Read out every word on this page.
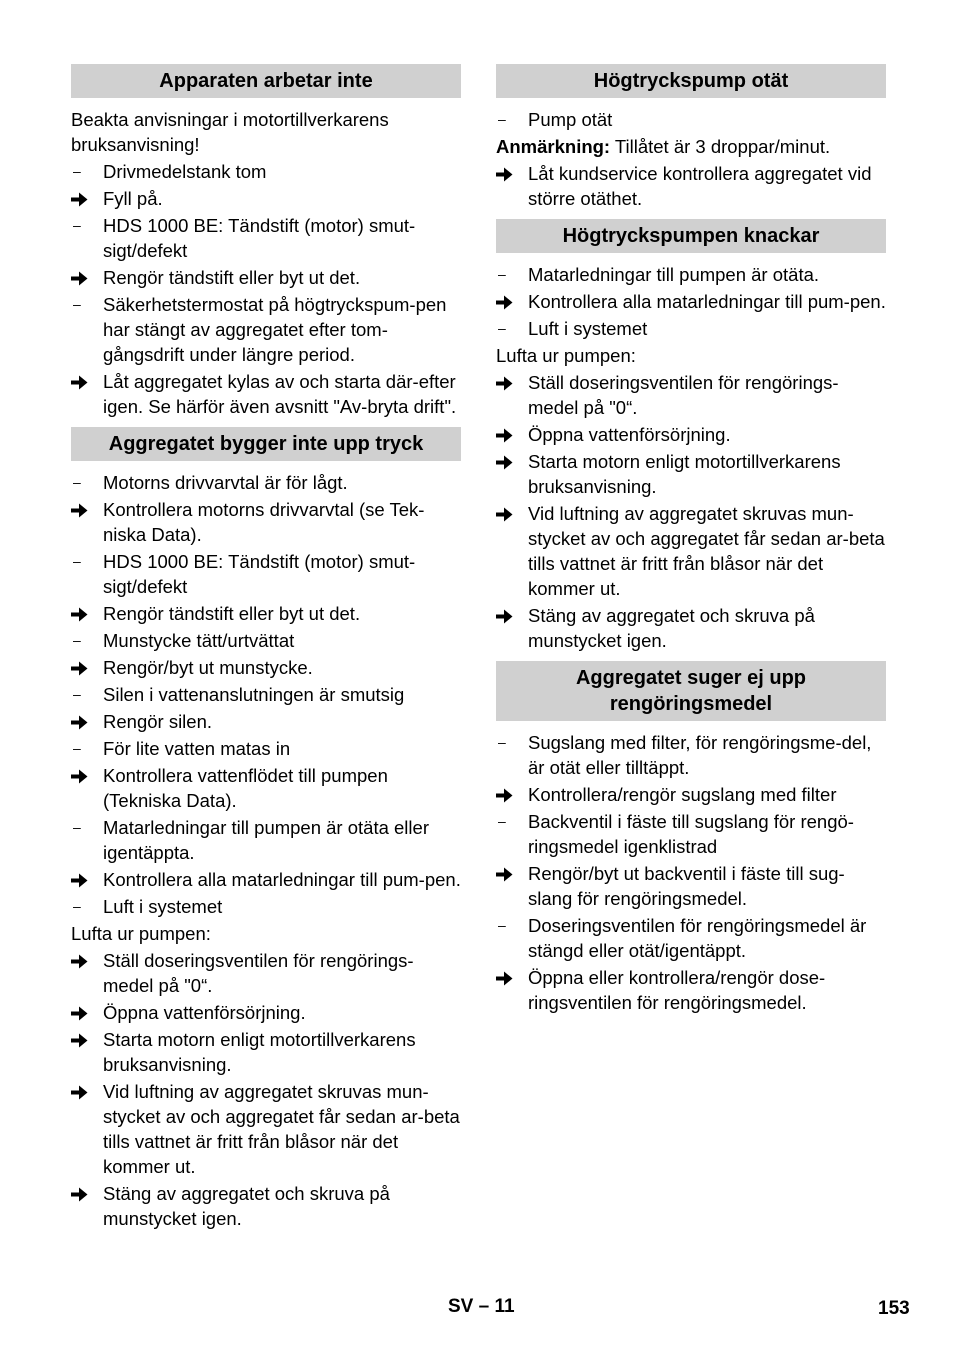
Apparaten arbetar inte
Beakta anvisningar i motortillverkarens bruksanvisning!
–	Drivmedelstank tom
Fyll på.
–	HDS 1000 BE: Tändstift (motor) smut-sigt/defekt
Rengör tändstift eller byt ut det.
–	Säkerhetstermostat på högtryckspum-pen har stängt av aggregatet efter tom-gångsdrift under längre period.
Låt aggregatet kylas av och starta där-efter igen. Se härför även avsnitt "Av-bryta drift".
Aggregatet bygger inte upp tryck
–	Motorns drivvarvtal är för lågt.
Kontrollera motorns drivvarvtal (se Tek-niska Data).
–	HDS 1000 BE: Tändstift (motor) smut-sigt/defekt
Rengör tändstift eller byt ut det.
–	Munstycke tätt/urtvättat
Rengör/byt ut munstycke.
–	Silen i vattenanslutningen är smutsig
Rengör silen.
–	För lite vatten matas in
Kontrollera vattenflödet till pumpen (Tekniska Data).
–	Matarledningar till pumpen är otäta eller igentäppta.
Kontrollera alla matarledningar till pum-pen.
–	Luft i systemet
Lufta ur pumpen:
Ställ doseringsventilen för rengörings-medel på "0“.
Öppna vattenförsörjning.
Starta motorn enligt motortillverkarens bruksanvisning.
Vid luftning av aggregatet skruvas mun-stycket av och aggregatet får sedan ar-beta tills vattnet är fritt från blåsor när det kommer ut.
Stäng av aggregatet och skruva på munstycket igen.
Högtryckspump otät
–	Pump otät
Anmärkning: Tillåtet är 3 droppar/minut.
Låt kundservice kontrollera aggregatet vid större otäthet.
Högtryckspumpen knackar
–	Matarledningar till pumpen är otäta.
Kontrollera alla matarledningar till pum-pen.
–	Luft i systemet
Lufta ur pumpen:
Ställ doseringsventilen för rengörings-medel på "0“.
Öppna vattenförsörjning.
Starta motorn enligt motortillverkarens bruksanvisning.
Vid luftning av aggregatet skruvas mun-stycket av och aggregatet får sedan ar-beta tills vattnet är fritt från blåsor när det kommer ut.
Stäng av aggregatet och skruva på munstycket igen.
Aggregatet suger ej upp rengöringsmedel
–	Sugslang med filter, för rengöringsme-del, är otät eller tilltäppt.
Kontrollera/rengör sugslang med filter
–	Backventil i fäste till sugslang för rengö-ringsmedel igenklistrad
Rengör/byt ut backventil i fäste till sug-slang för rengöringsmedel.
–	Doseringsventilen för rengöringsmedel är stängd eller otät/igentäppt.
Öppna eller kontrollera/rengör dose-ringsventilen för rengöringsmedel.
SV – 11	153
